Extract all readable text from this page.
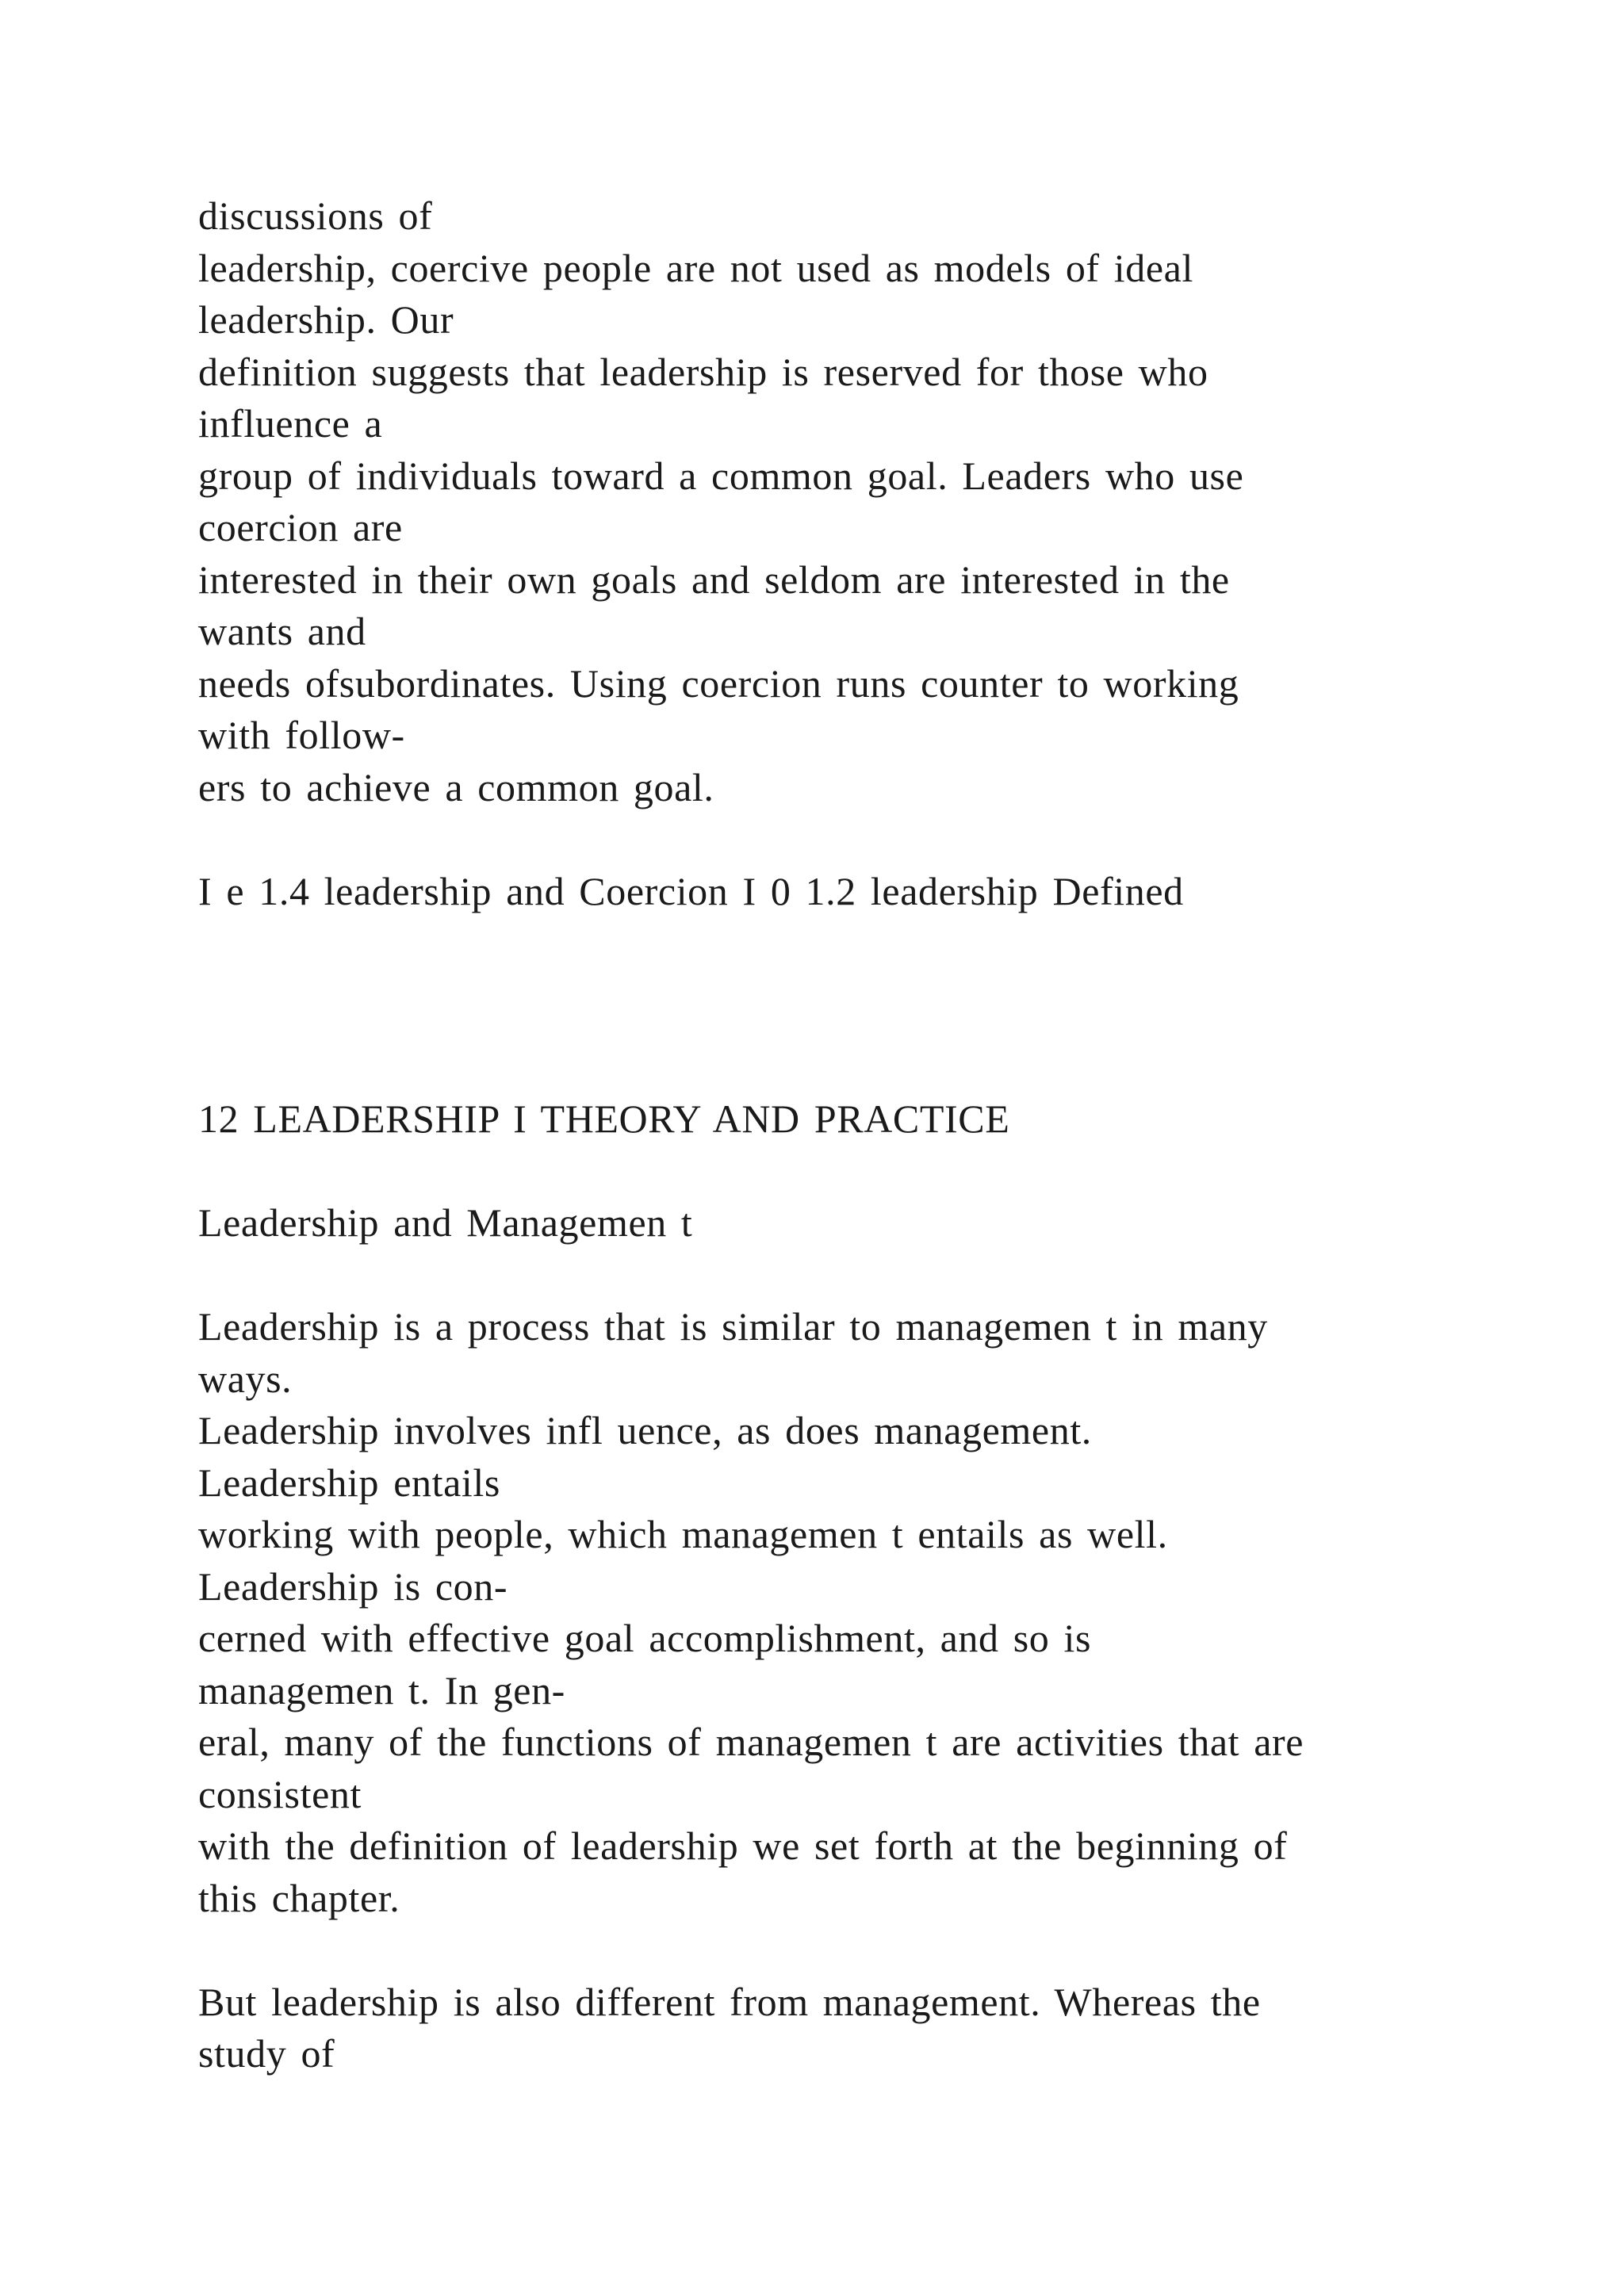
discussions of
leadership, coercive people are not used as models of ideal
leadership. Our
definition suggests that leadership is reserved for those who
influence a
group of individuals toward a common goal. Leaders who use
coercion are
interested in their own goals and seldom are interested in the
wants and
needs ofsubordinates. Using coercion runs counter to working
with follow-
ers to achieve a common goal.
I e 1.4 leadership and Coercion I 0 1.2 leadership Defined
12 LEADERSHIP I THEORY AND PRACTICE
Leadership and Managemen t
Leadership is a process that is similar to managemen t in many
ways.
Leadership involves infl uence, as does management.
Leadership entails
working with people, which managemen t entails as well.
Leadership is con-
cerned with effective goal accomplishment, and so is
managemen t. In gen-
eral, many of the functions of managemen t are activities that are
consistent
with the definition of leadership we set forth at the beginning of
this chapter.
But leadership is also different from management. Whereas the
study of
